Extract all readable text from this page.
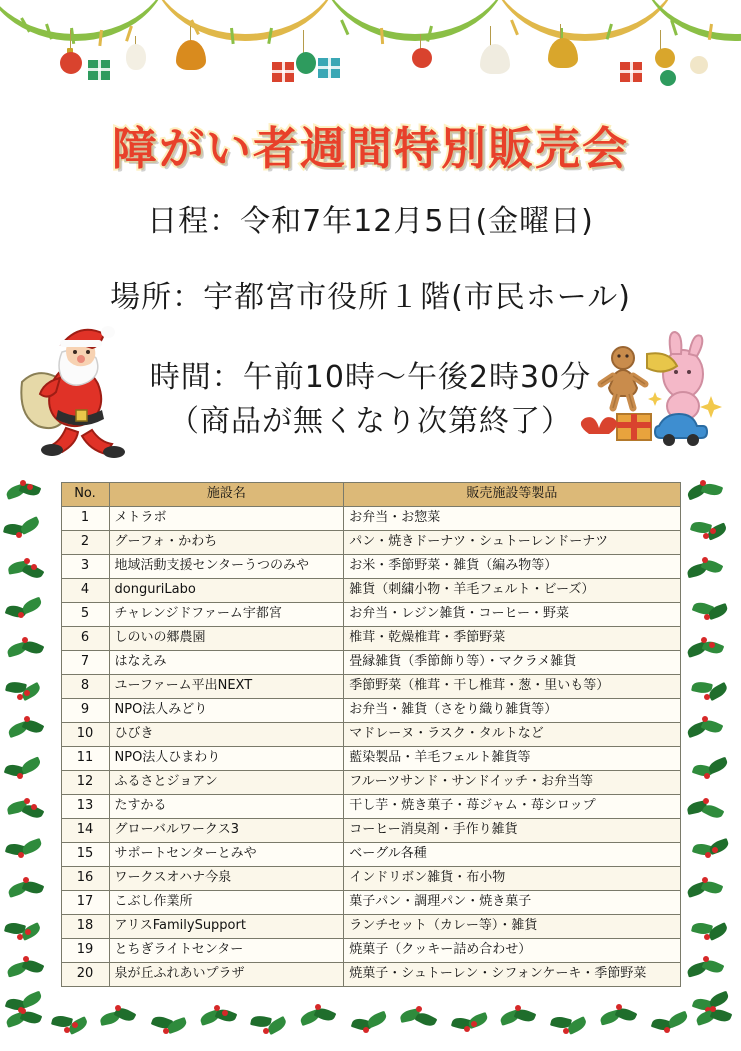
障がい者週間特別販売会
日程：令和7年12月5日(金曜日)
場所：宇都宮市役所１階(市民ホール)
時間：午前10時～午後2時30分
（商品が無くなり次第終了）
No.	施設名	販売施設等製品
1	メトラボ	お弁当・お惣菜
2	グーフォ・かわち	パン・焼きドーナツ・シュトーレンドーナツ
3	地域活動支援センターうつのみや	お米・季節野菜・雑貨（編み物等）
4	donguriLabo	雑貨（刺繍小物・羊毛フェルト・ビーズ）
5	チャレンジドファーム宇都宮	お弁当・レジン雑貨・コーヒー・野菜
6	しのいの郷農園	椎茸・乾燥椎茸・季節野菜
7	はなえみ	畳縁雑貨（季節飾り等）・マクラメ雑貨
8	ユーファーム平出NEXT	季節野菜（椎茸・干し椎茸・葱・里いも等）
9	NPO法人みどり	お弁当・雑貨（さをり織り雑貨等）
10	ひびき	マドレーヌ・ラスク・タルトなど
11	NPO法人ひまわり	藍染製品・羊毛フェルト雑貨等
12	ふるさとジョアン	フルーツサンド・サンドイッチ・お弁当等
13	たすかる	干し芋・焼き菓子・苺ジャム・苺シロップ
14	グローバルワークス3	コーヒー消臭剤・手作り雑貨
15	サポートセンターとみや	ベーグル各種
16	ワークスオハナ今泉	インドリボン雑貨・布小物
17	こぶし作業所	菓子パン・調理パン・焼き菓子
18	アリスFamilySupport	ランチセット（カレー等）・雑貨
19	とちぎライトセンター	焼菓子（クッキー詰め合わせ）
20	泉が丘ふれあいプラザ	焼菓子・シュトーレン・シフォンケーキ・季節野菜
